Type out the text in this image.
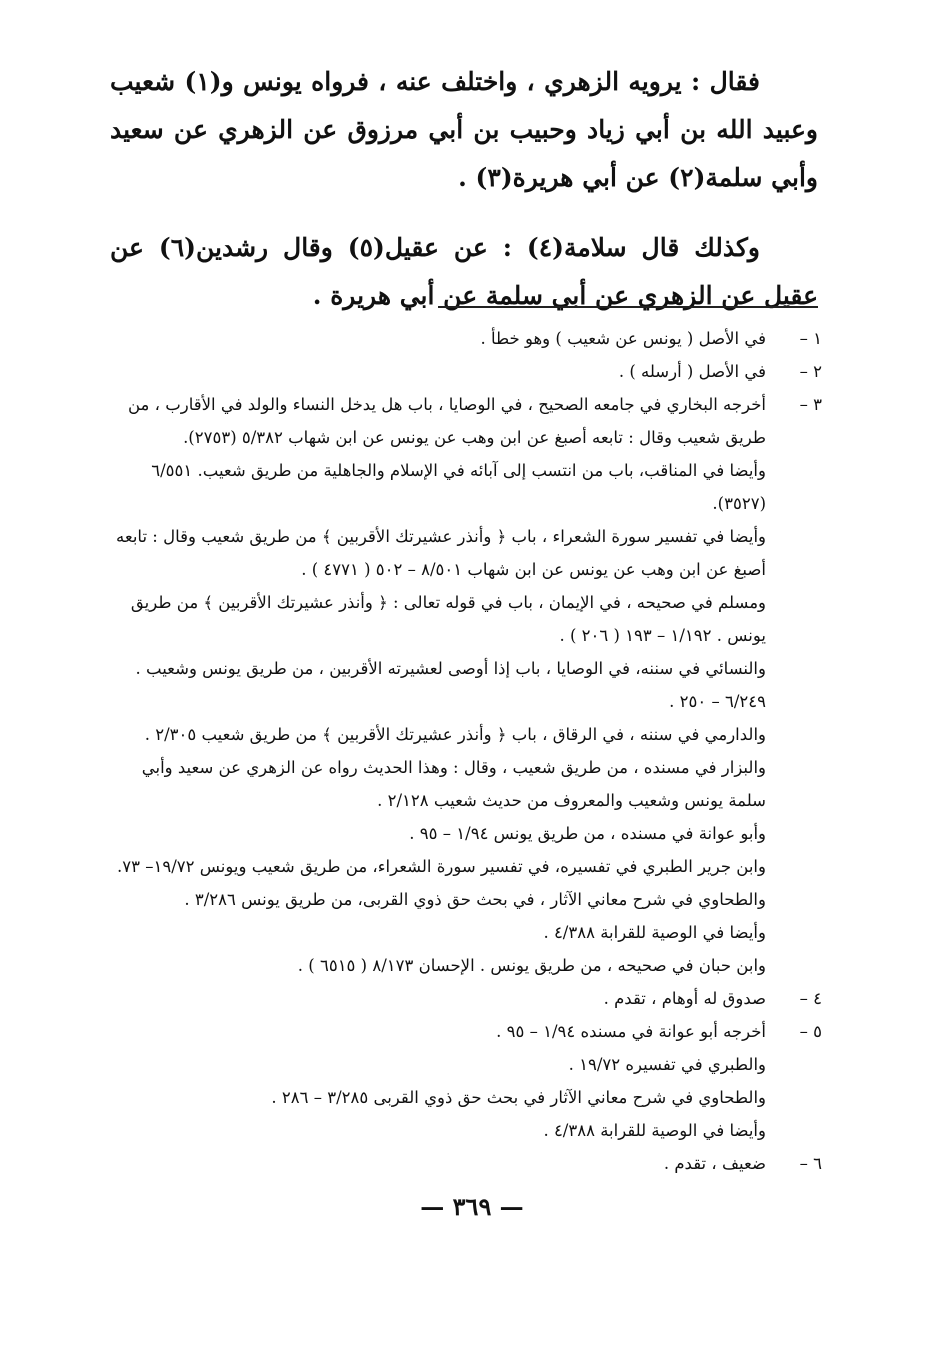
فقال : يرويه الزهري ، واختلف عنه ، فرواه يونس و(١) شعيب وعبيد الله بن أبي زياد وحبيب بن أبي مرزوق عن الزهري عن سعيد وأبي سلمة(٢) عن أبي هريرة(٣) .

وكذلك قال سلامة(٤) : عن عقيل(٥) وقال رشدين(٦) عن عقيل عن الزهري عن أبي سلمة عن أبي هريرة .

١ –
في الأصل ( يونس عن شعيب ) وهو خطأ .
٢ –
في الأصل ( أرسله ) .
٣ –
أخرجه البخاري في جامعه الصحيح ، في الوصايا ، باب هل يدخل النساء والولد في الأقارب ، من طريق شعيب وقال : تابعه أصبغ عن ابن وهب عن يونس عن ابن شهاب ٥/٣٨٢ (٢٧٥٣).
وأيضا في المناقب، باب من انتسب إلى آبائه في الإسلام والجاهلية من طريق شعيب. ٦/٥٥١ (٣٥٢٧).
وأيضا في تفسير سورة الشعراء ، باب ﴿ وأنذر عشيرتك الأقربين ﴾ من طريق شعيب وقال : تابعه أصبغ عن ابن وهب عن يونس عن ابن شهاب ٨/٥٠١ – ٥٠٢ ( ٤٧٧١ ) .
ومسلم في صحيحه ، في الإيمان ، باب في قوله تعالى : ﴿ وأنذر عشيرتك الأقربين ﴾ من طريق يونس . ١/١٩٢ – ١٩٣ ( ٢٠٦ ) .
والنسائي في سننه، في الوصايا ، باب إذا أوصى لعشيرته الأقربين ، من طريق يونس وشعيب . ٦/٢٤٩ – ٢٥٠ .
والدارمي في سننه ، في الرقاق ، باب ﴿ وأنذر عشيرتك الأقربين ﴾ من طريق شعيب ٢/٣٠٥ .
والبزار في مسنده ، من طريق شعيب ، وقال : وهذا الحديث رواه عن الزهري عن سعيد وأبي سلمة يونس وشعيب والمعروف من حديث شعيب ٢/١٢٨ .
وأبو عوانة في مسنده ، من طريق يونس ١/٩٤ – ٩٥ .
وابن جرير الطبري في تفسيره، في تفسير سورة الشعراء، من طريق شعيب ويونس ١٩/٧٢– ٧٣.
والطحاوي في شرح معاني الآثار ، في بحث حق ذوي القربى، من طريق يونس ٣/٢٨٦ .
وأيضا في الوصية للقرابة ٤/٣٨٨ .
وابن حبان في صحيحه ، من طريق يونس . الإحسان ٨/١٧٣ ( ٦٥١٥ ) .
٤ –
صدوق له أوهام ، تقدم .
٥ –
أخرجه أبو عوانة في مسنده ١/٩٤ – ٩٥ .
والطبري في تفسيره ١٩/٧٢ .
والطحاوي في شرح معاني الآثار في بحث حق ذوي القربى ٣/٢٨٥ – ٢٨٦ .
وأيضا في الوصية للقرابة ٤/٣٨٨ .
٦ –
ضعيف ، تقدم .
— ٣٦٩ —
